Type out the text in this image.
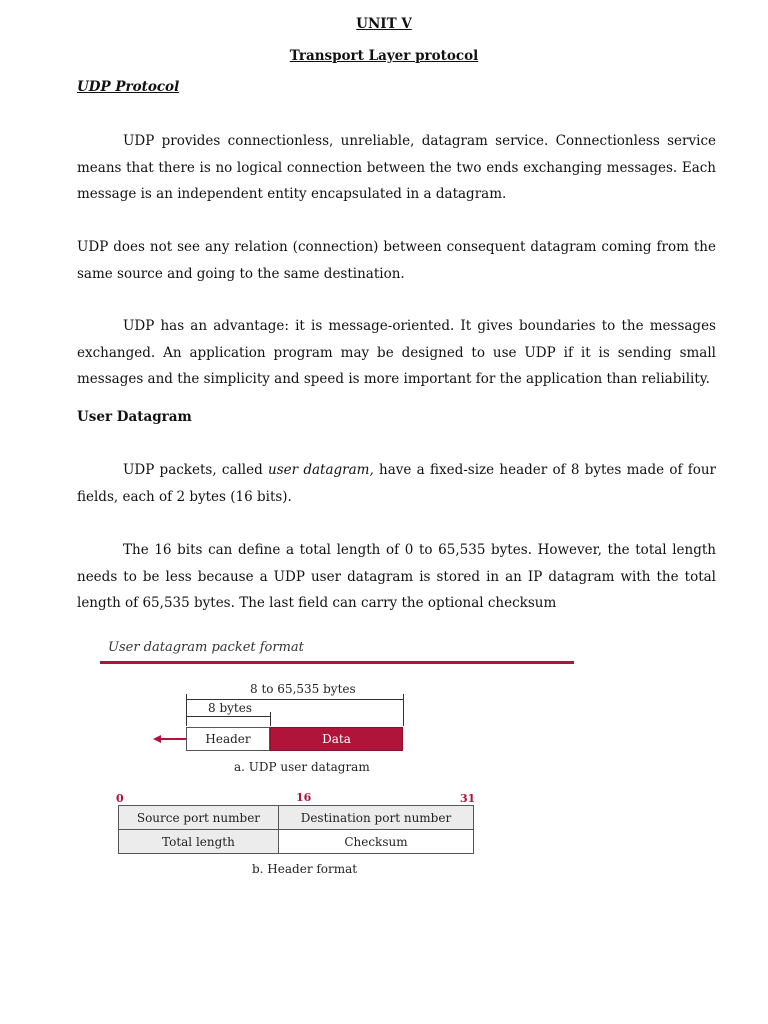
UNIT V
Transport Layer protocol
UDP Protocol

UDP provides connectionless, unreliable, datagram service. Connectionless service means that there is no logical connection between the two ends exchanging messages. Each message is an independent entity encapsulated in a datagram.

UDP does not see any relation (connection) between consequent datagram coming from the same source and going to the same destination.

UDP has an advantage: it is message-oriented. It gives boundaries to the messages exchanged. An application program may be designed to use UDP if it is sending small messages and the simplicity and speed is more important for the application than reliability.

User Datagram

UDP packets, called user datagram, have a fixed-size header of 8 bytes made of four fields, each of 2 bytes (16 bits).

The 16 bits can define a total length of 0 to 65,535 bytes. However, the total length needs to be less because a UDP user datagram is stored in an IP datagram with the total length of 65,535 bytes. The last field can carry the optional checksum

User datagram packet format
8 to 65,535 bytes
8 bytes
Header	Data
a. UDP user datagram
0	16	31
Source port number	Destination port number
Total length	Checksum
b. Header format
